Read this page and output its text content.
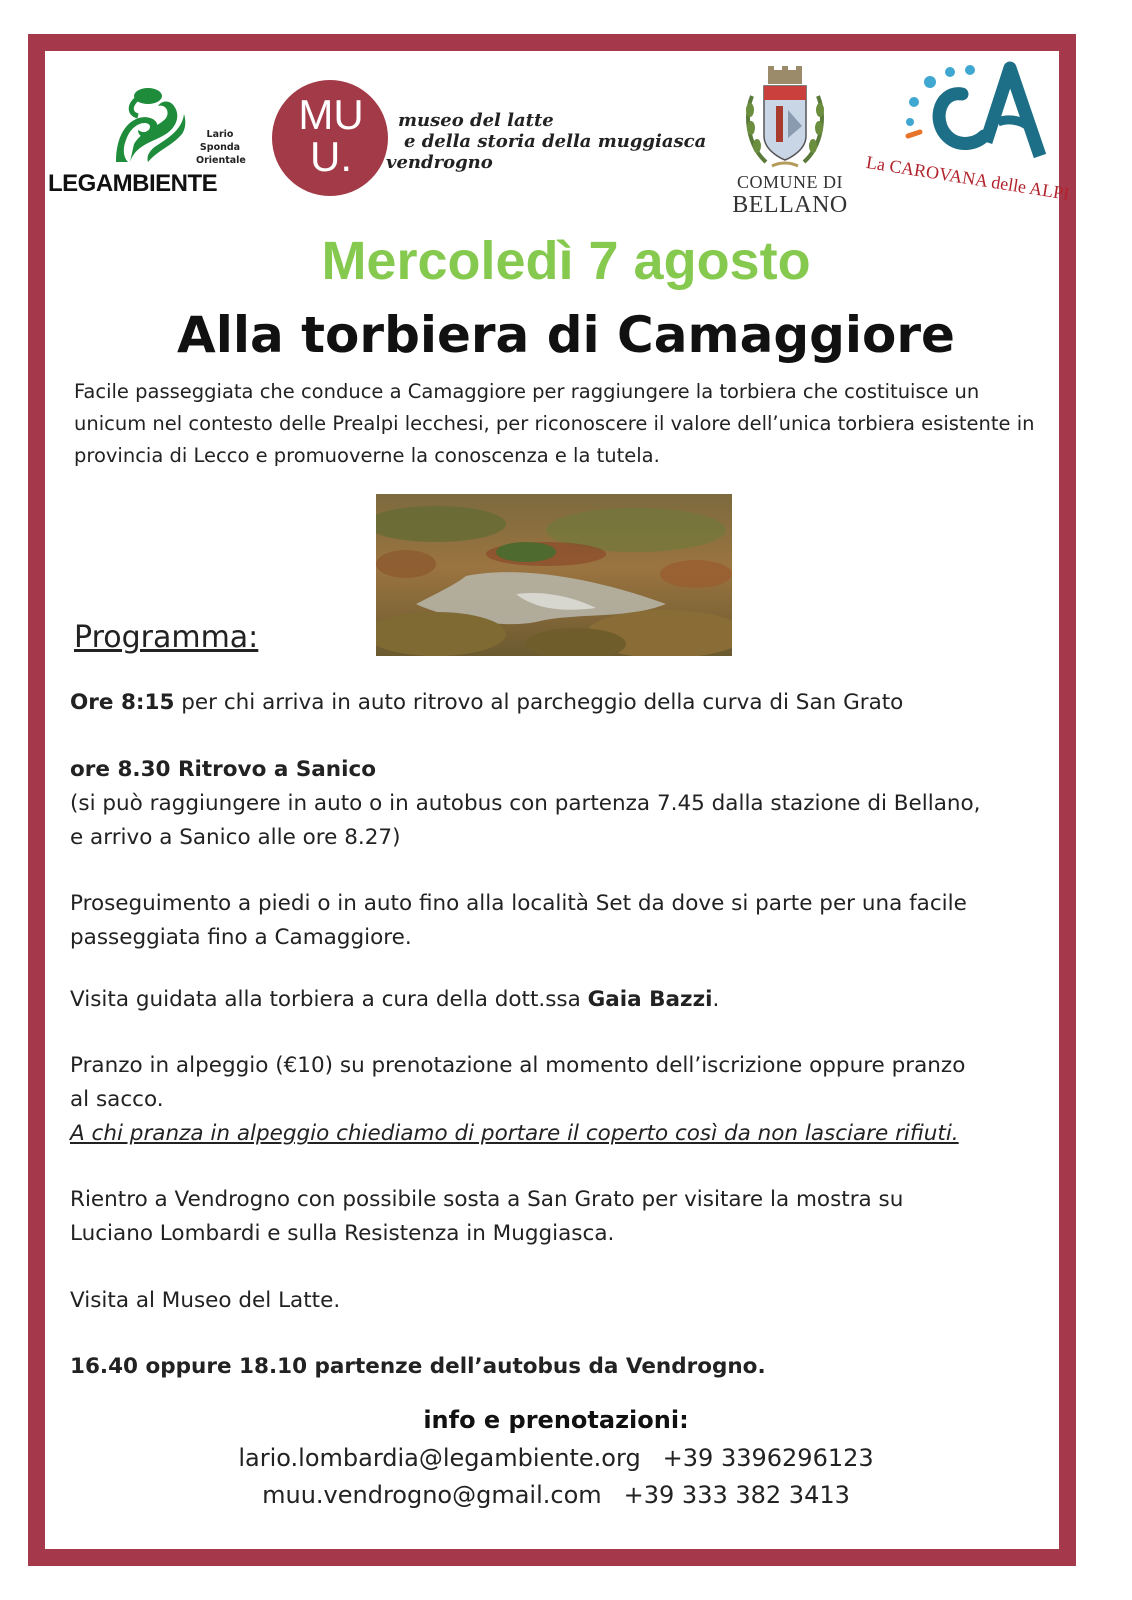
Lario
Sponda
Orientale
LEGAMBIENTE
MU
U.
museo del latte
e della storia della muggiasca
vendrogno
COMUNE DI
BELLANO
La CAROVANA delle ALPI
Mercoledì 7 agosto
Alla torbiera di Camaggiore
Facile passeggiata che conduce a Camaggiore per raggiungere la torbiera che costituisce un unicum nel contesto delle Prealpi lecchesi, per riconoscere il valore dell’unica torbiera esistente in provincia di Lecco e promuoverne la conoscenza e la tutela.
Programma:
Ore 8:15 per chi arriva in auto ritrovo al parcheggio della curva di San Grato
ore 8.30 Ritrovo a Sanico
(si può raggiungere in auto o in autobus con partenza 7.45 dalla stazione di Bellano, e arrivo a Sanico alle ore 8.27)
Proseguimento a piedi o in auto fino alla località Set da dove si parte per una facile passeggiata fino a Camaggiore.
Visita guidata alla torbiera a cura della dott.ssa Gaia Bazzi.
Pranzo in alpeggio (€10) su prenotazione al momento dell’iscrizione oppure pranzo al sacco.
A chi pranza in alpeggio chiediamo di portare il coperto così da non lasciare rifiuti.
Rientro a Vendrogno con possibile sosta a San Grato per visitare la mostra su Luciano Lombardi e sulla Resistenza in Muggiasca.
Visita al Museo del Latte.
16.40 oppure 18.10 partenze dell’autobus da Vendrogno.
info e prenotazioni:
lario.lombardia@legambiente.org +39 3396296123
muu.vendrogno@gmail.com +39 333 382 3413
